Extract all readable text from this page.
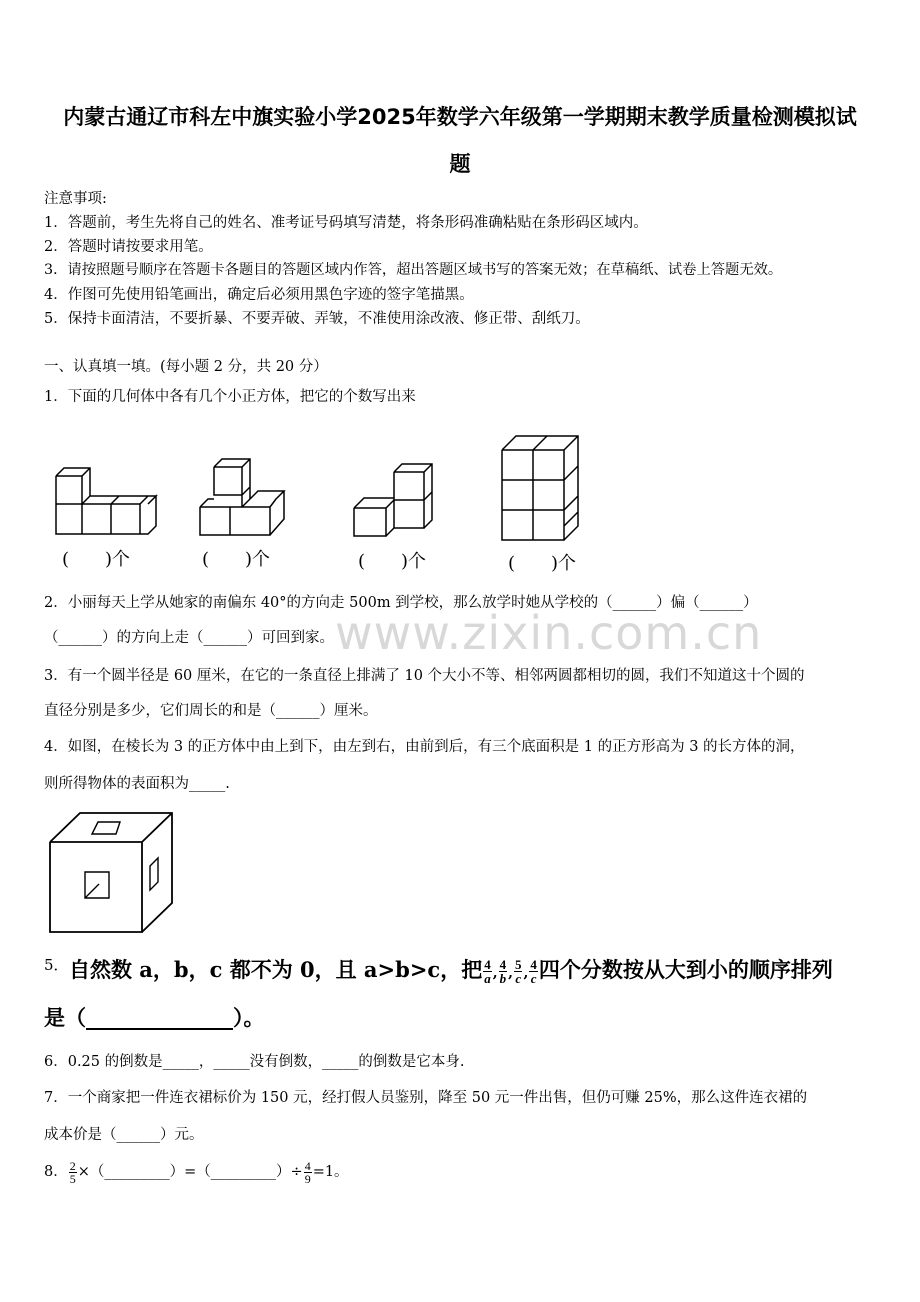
内蒙古通辽市科左中旗实验小学2025年数学六年级第一学期期末教学质量检测模拟试
题
注意事项:
1．答题前，考生先将自己的姓名、准考证号码填写清楚，将条形码准确粘贴在条形码区域内。
2．答题时请按要求用笔。
3．请按照题号顺序在答题卡各题目的答题区域内作答，超出答题区域书写的答案无效；在草稿纸、试卷上答题无效。
4．作图可先使用铅笔画出，确定后必须用黑色字迹的签字笔描黑。
5．保持卡面清洁，不要折暴、不要弄破、弄皱，不准使用涂改液、修正带、刮纸刀。
一、认真填一填。(每小题 2 分，共 20 分）
1．下面的几何体中各有几个小正方体，把它的个数写出来
(　　)个	(　　)个	(　　)个	(　　)个
2．小丽每天上学从她家的南偏东 40°的方向走 500m 到学校，那么放学时她从学校的（______）偏（______）
（______）的方向上走（______）可回到家。 www.zixin.com.cn
3．有一个圆半径是 60 厘米，在它的一条直径上排满了 10 个大小不等、相邻两圆都相切的圆，我们不知道这十个圆的
直径分别是多少，它们周长的和是（______）厘米。
4．如图，在棱长为 3 的正方体中由上到下，由左到右，由前到后，有三个底面积是 1 的正方形高为 3 的长方体的洞，
则所得物体的表面积为_____.
5． 自然数 a，b，c 都不为 0，且 a>b>c，把 $\frac{4}{a}$ , $\frac{4}{b}$ , $\frac{5}{c}$ , $\frac{4}{c}$ 四个分数按从大到小的顺序排列
是（______________）。
6．0.25 的倒数是_____，_____没有倒数，_____的倒数是它本身.
7．一个商家把一件连衣裙标价为 150 元，经打假人员鉴别，降至 50 元一件出售，但仍可赚 25%，那么这件连衣裙的
成本价是（______）元。
8． $\frac{2}{5}$ ×（_________）=（_________）÷ $\frac{4}{9} =1$。
